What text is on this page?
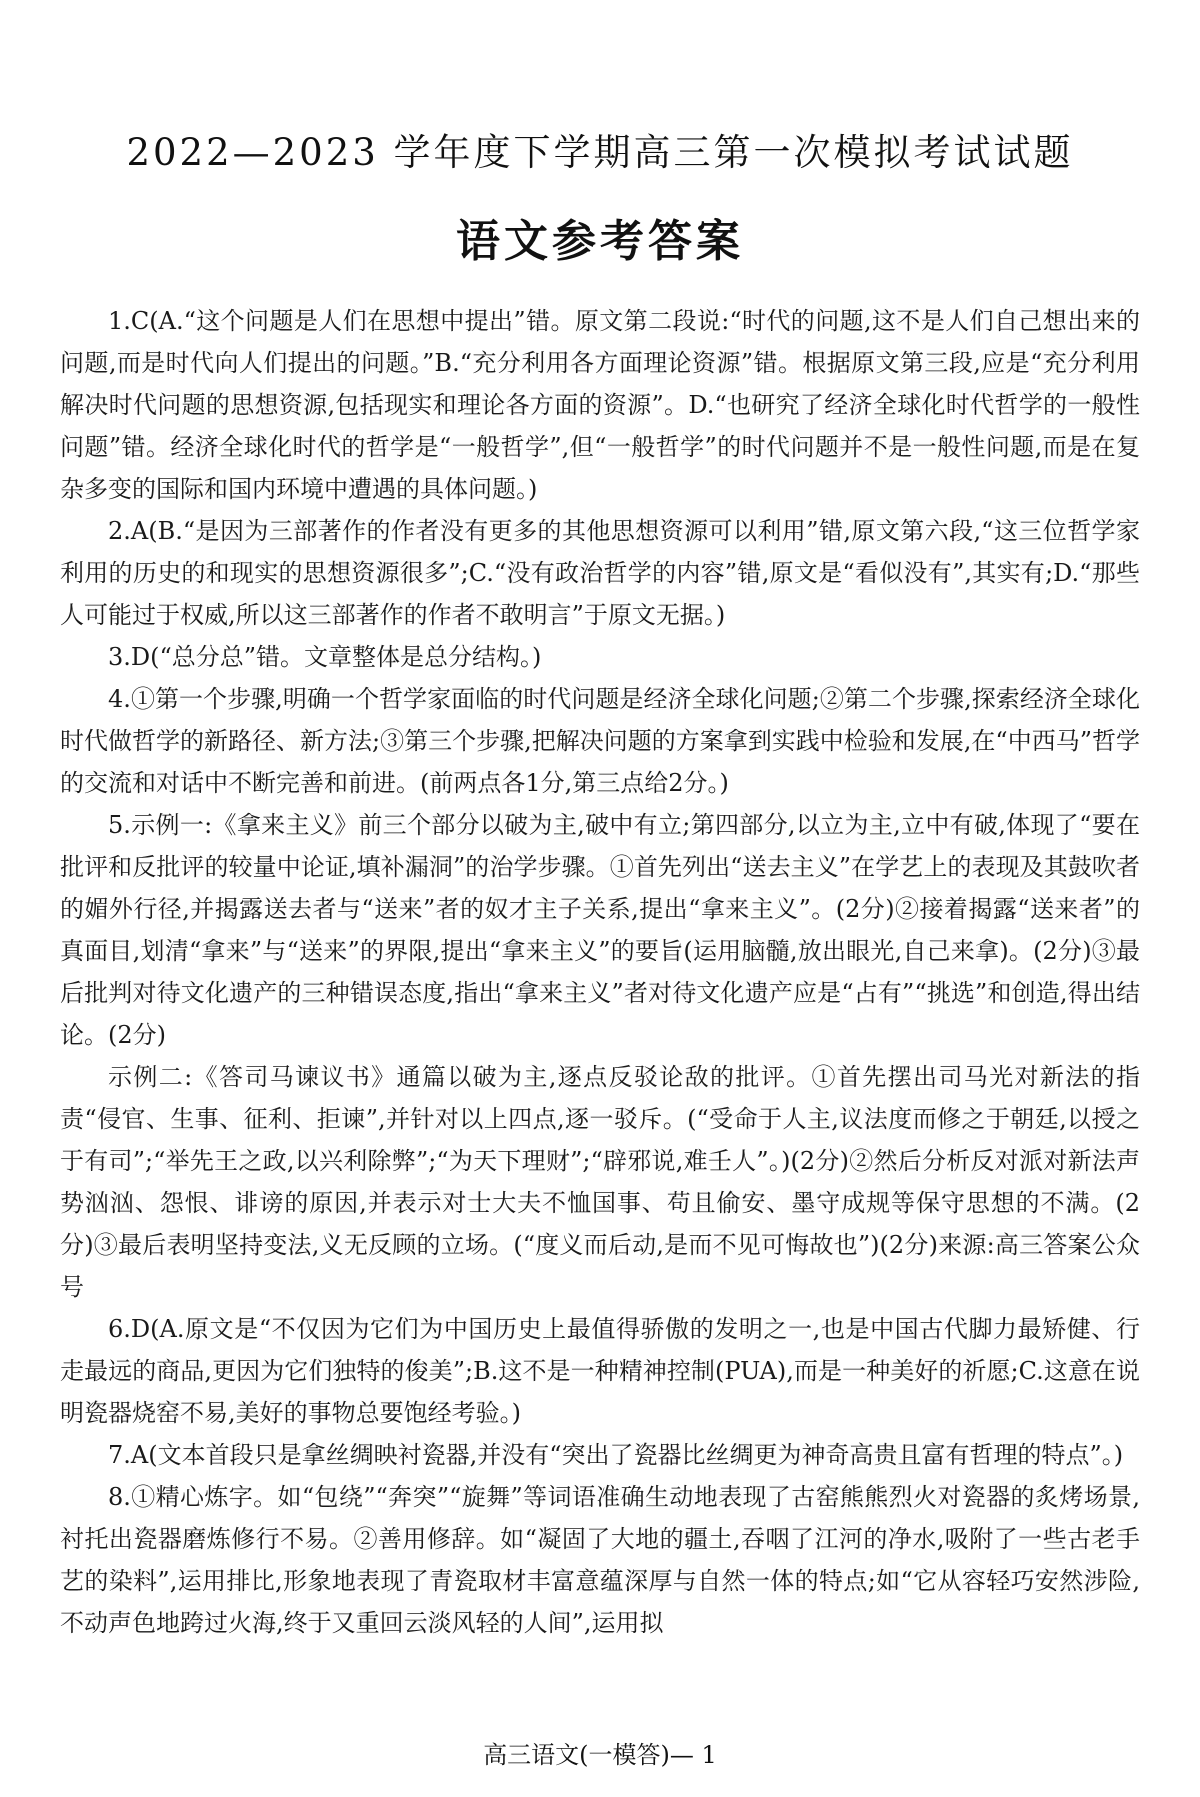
2022—2023 学年度下学期高三第一次模拟考试试题
语文参考答案

1.C(A.“这个问题是人们在思想中提出”错。原文第二段说:“时代的问题,这不是人们自己想出来的问题,而是时代向人们提出的问题。”B.“充分利用各方面理论资源”错。根据原文第三段,应是“充分利用解决时代问题的思想资源,包括现实和理论各方面的资源”。D.“也研究了经济全球化时代哲学的一般性问题”错。经济全球化时代的哲学是“一般哲学”,但“一般哲学”的时代问题并不是一般性问题,而是在复杂多变的国际和国内环境中遭遇的具体问题。)

2.A(B.“是因为三部著作的作者没有更多的其他思想资源可以利用”错,原文第六段,“这三位哲学家利用的历史的和现实的思想资源很多”;C.“没有政治哲学的内容”错,原文是“看似没有”,其实有;D.“那些人可能过于权威,所以这三部著作的作者不敢明言”于原文无据。)

3.D(“总分总”错。文章整体是总分结构。)

4.①第一个步骤,明确一个哲学家面临的时代问题是经济全球化问题;②第二个步骤,探索经济全球化时代做哲学的新路径、新方法;③第三个步骤,把解决问题的方案拿到实践中检验和发展,在“中西马”哲学的交流和对话中不断完善和前进。(前两点各1分,第三点给2分。)

5.示例一:《拿来主义》前三个部分以破为主,破中有立;第四部分,以立为主,立中有破,体现了“要在批评和反批评的较量中论证,填补漏洞”的治学步骤。①首先列出“送去主义”在学艺上的表现及其鼓吹者的媚外行径,并揭露送去者与“送来”者的奴才主子关系,提出“拿来主义”。(2分)②接着揭露“送来者”的真面目,划清“拿来”与“送来”的界限,提出“拿来主义”的要旨(运用脑髓,放出眼光,自己来拿)。(2分)③最后批判对待文化遗产的三种错误态度,指出“拿来主义”者对待文化遗产应是“占有”“挑选”和创造,得出结论。(2分)

示例二:《答司马谏议书》通篇以破为主,逐点反驳论敌的批评。①首先摆出司马光对新法的指责“侵官、生事、征利、拒谏”,并针对以上四点,逐一驳斥。(“受命于人主,议法度而修之于朝廷,以授之于有司”;“举先王之政,以兴利除弊”;“为天下理财”;“辟邪说,难壬人”。)(2分)②然后分析反对派对新法声势汹汹、怨恨、诽谤的原因,并表示对士大夫不恤国事、苟且偷安、墨守成规等保守思想的不满。(2分)③最后表明坚持变法,义无反顾的立场。(“度义而后动,是而不见可悔故也”)(2分)来源:高三答案公众号

6.D(A.原文是“不仅因为它们为中国历史上最值得骄傲的发明之一,也是中国古代脚力最矫健、行走最远的商品,更因为它们独特的俊美”;B.这不是一种精神控制(PUA),而是一种美好的祈愿;C.这意在说明瓷器烧窑不易,美好的事物总要饱经考验。)

7.A(文本首段只是拿丝绸映衬瓷器,并没有“突出了瓷器比丝绸更为神奇高贵且富有哲理的特点”。)

8.①精心炼字。如“包绕”“奔突”“旋舞”等词语准确生动地表现了古窑熊熊烈火对瓷器的炙烤场景,衬托出瓷器磨炼修行不易。②善用修辞。如“凝固了大地的疆土,吞咽了江河的净水,吸附了一些古老手艺的染料”,运用排比,形象地表现了青瓷取材丰富意蕴深厚与自然一体的特点;如“它从容轻巧安然涉险,不动声色地跨过火海,终于又重回云淡风轻的人间”,运用拟

高三语文(一模答)— 1
